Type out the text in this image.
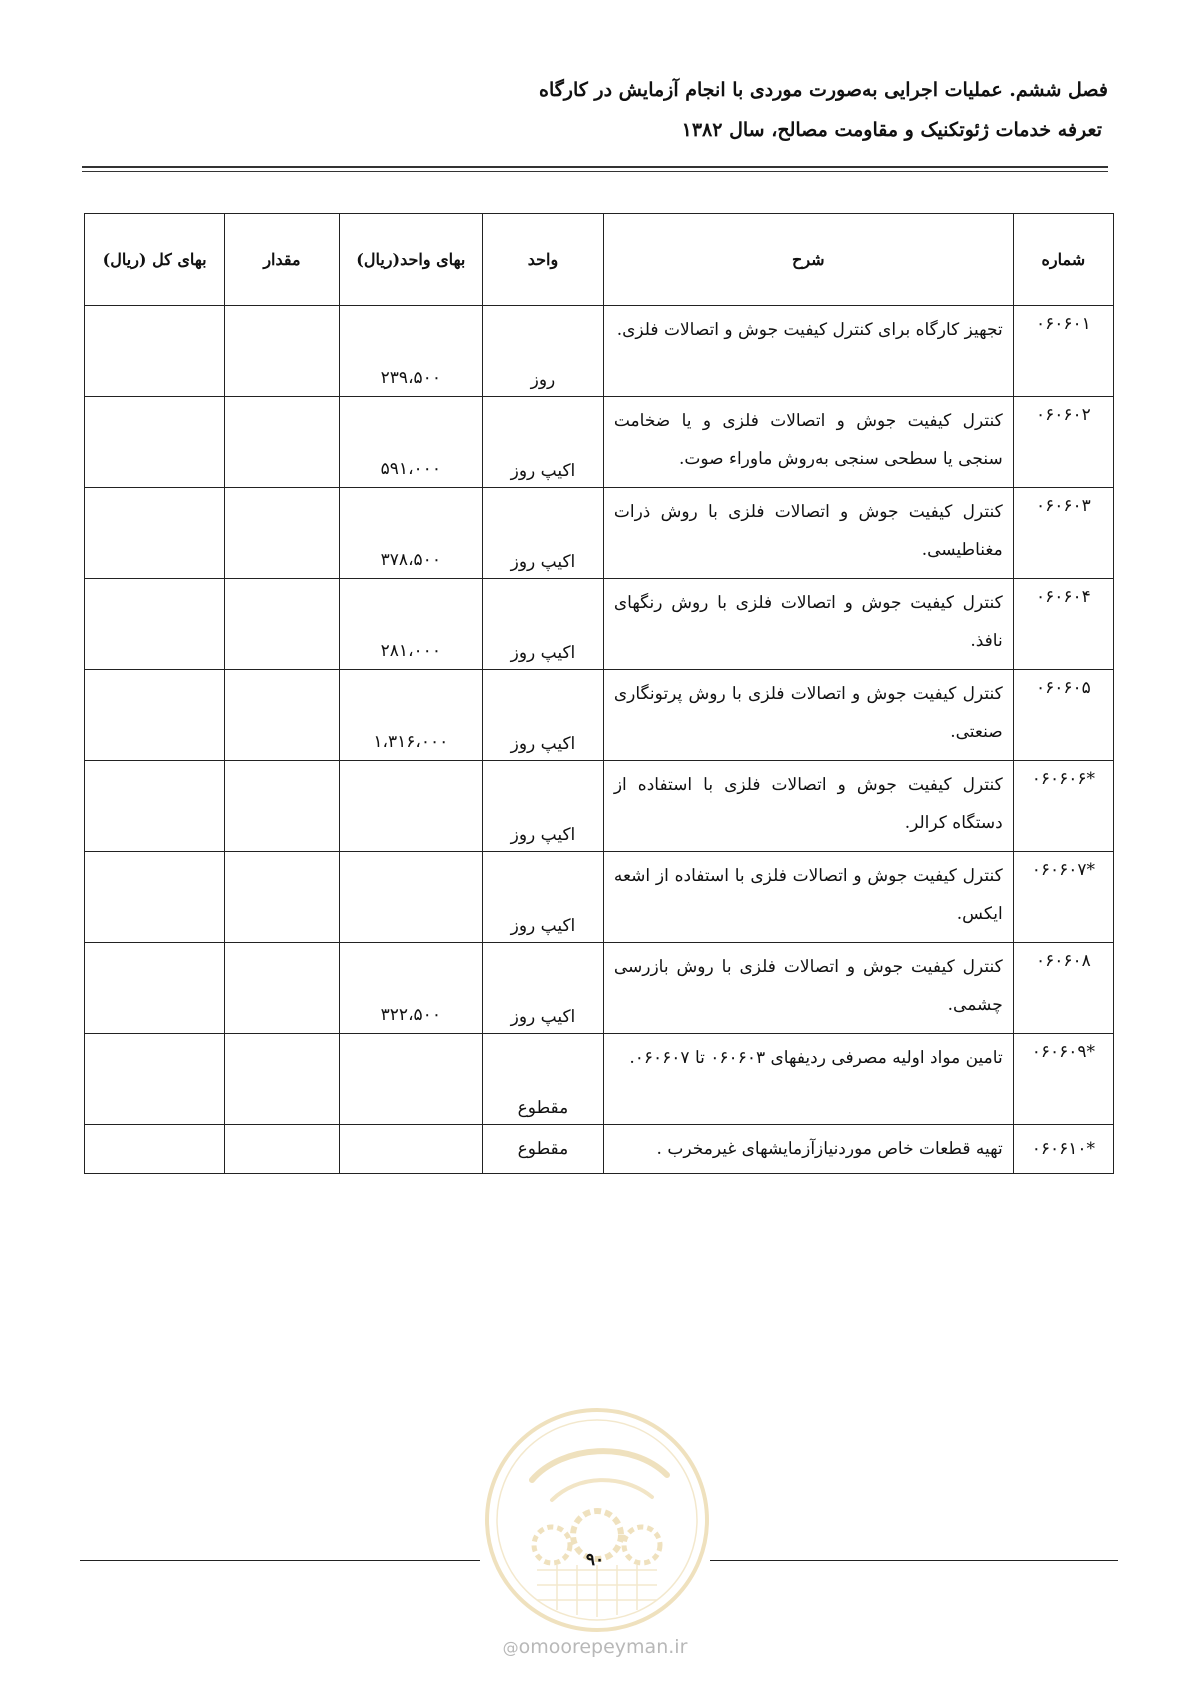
فصل ششم. عملیات اجرایی به‌صورت موردی با انجام آزمایش در کارگاه
تعرفه خدمات ژئوتکنیک و مقاومت مصالح، سال ۱۳۸۲
شماره	شرح	واحد	بهای واحد(ریال)	مقدار	بهای کل (ریال)
۰۶۰۶۰۱	تجهیز کارگاه برای کنترل کیفیت جوش و اتصالات فلزی.	روز	۲۳۹،۵۰۰		
۰۶۰۶۰۲	کنترل کیفیت جوش و اتصالات فلزی و یا ضخامت سنجی یا سطحی سنجی به‌روش ماوراء صوت.	اکیپ روز	۵۹۱،۰۰۰		
۰۶۰۶۰۳	کنترل کیفیت جوش و اتصالات فلزی با روش ذرات مغناطیسی.	اکیپ روز	۳۷۸،۵۰۰		
۰۶۰۶۰۴	کنترل کیفیت جوش و اتصالات فلزی با روش رنگهای نافذ.	اکیپ روز	۲۸۱،۰۰۰		
۰۶۰۶۰۵	کنترل کیفیت جوش و اتصالات فلزی با روش پرتونگاری صنعتی.	اکیپ روز	۱،۳۱۶،۰۰۰		
*۰۶۰۶۰۶	کنترل کیفیت جوش و اتصالات فلزی با استفاده از دستگاه کرالر.	اکیپ روز			
*۰۶۰۶۰۷	کنترل کیفیت جوش و اتصالات فلزی با استفاده از اشعه ایکس.	اکیپ روز			
۰۶۰۶۰۸	کنترل کیفیت جوش و اتصالات فلزی با روش بازرسی چشمی.	اکیپ روز	۳۲۲،۵۰۰		
*۰۶۰۶۰۹	تامین مواد اولیه مصرفی ردیفهای ۰۶۰۶۰۳ تا ۰۶۰۶۰۷.	مقطوع			
*۰۶۰۶۱۰	تهیه قطعات خاص موردنیازآزمایشهای غیرمخرب .	مقطوع			
۹۰
@omoorepeyman.ir
